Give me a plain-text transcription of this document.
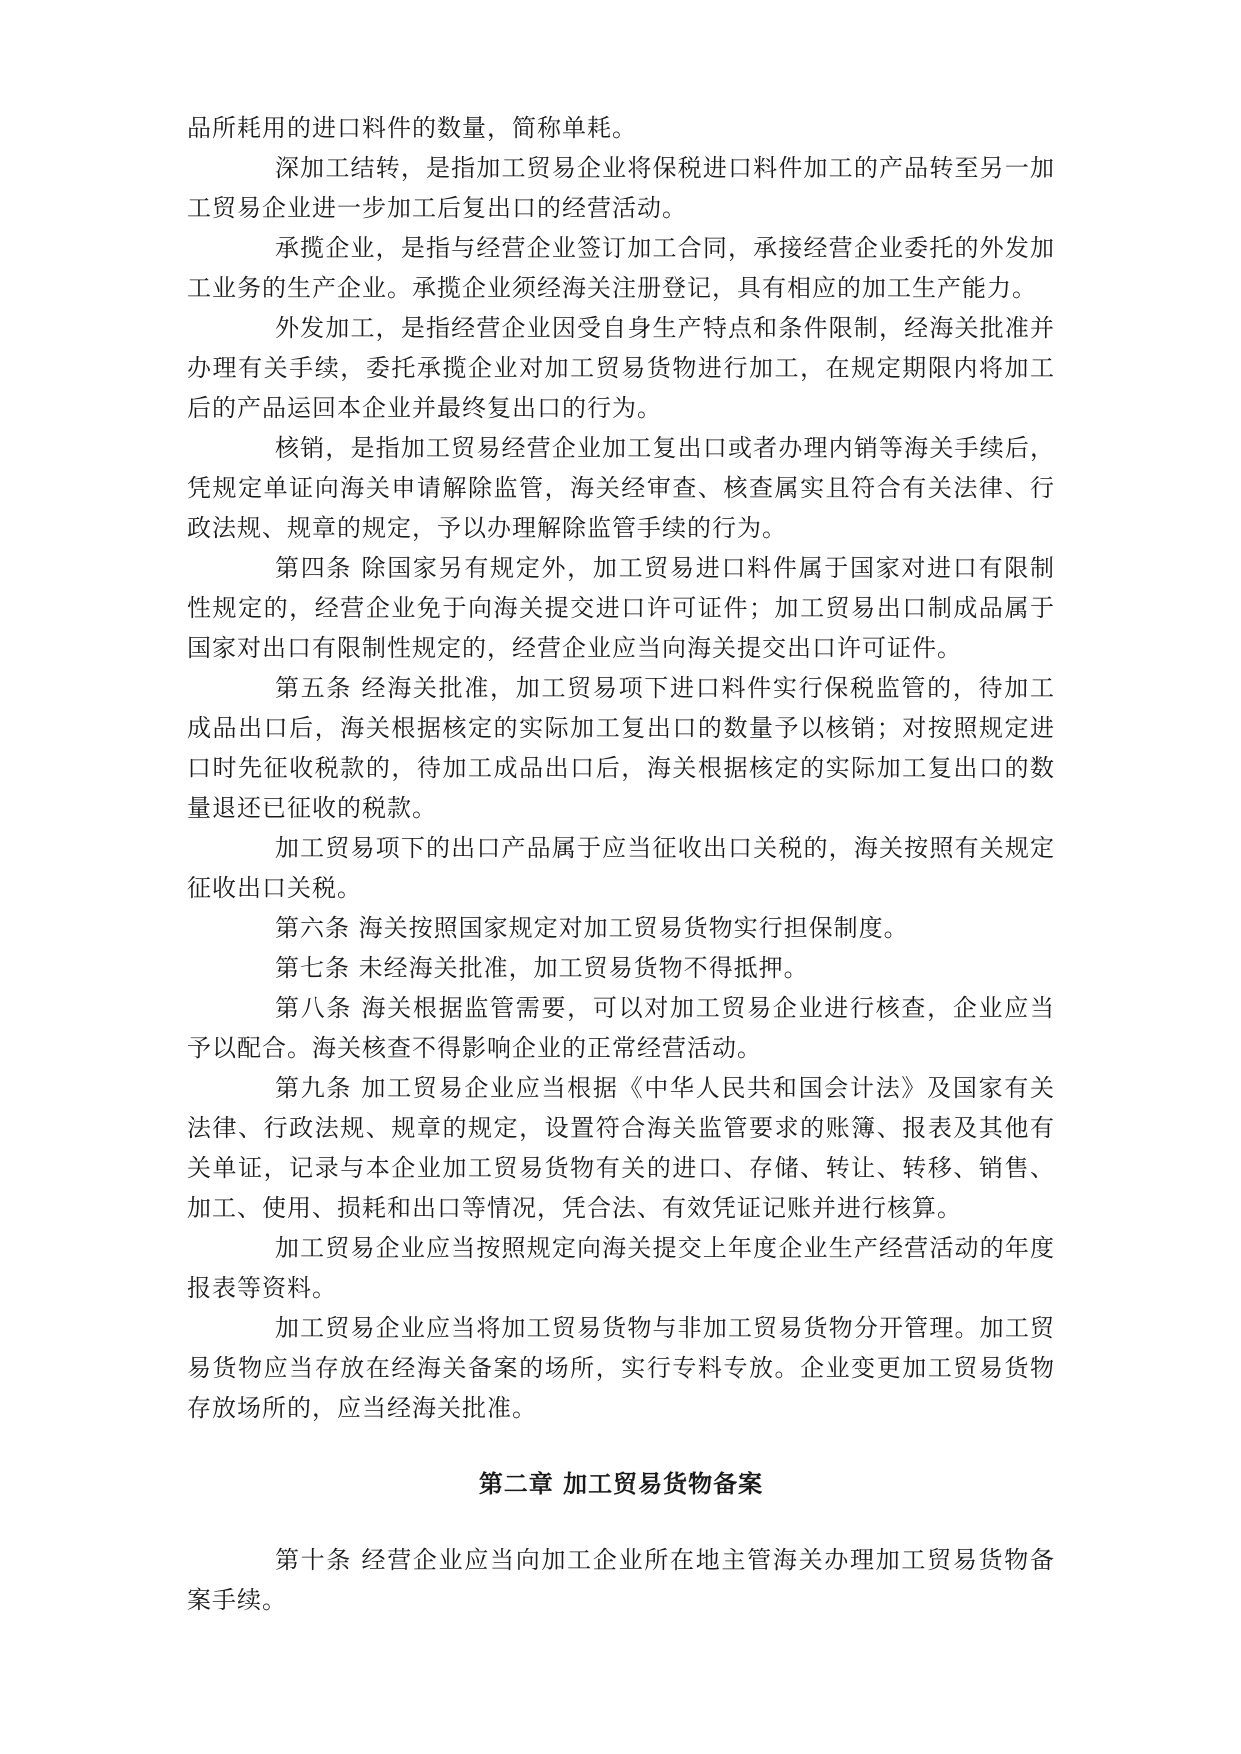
品所耗用的进口料件的数量，简称单耗。

深加工结转，是指加工贸易企业将保税进口料件加工的产品转至另一加工贸易企业进一步加工后复出口的经营活动。

承揽企业，是指与经营企业签订加工合同，承接经营企业委托的外发加工业务的生产企业。承揽企业须经海关注册登记，具有相应的加工生产能力。

外发加工，是指经营企业因受自身生产特点和条件限制，经海关批准并办理有关手续，委托承揽企业对加工贸易货物进行加工，在规定期限内将加工后的产品运回本企业并最终复出口的行为。

核销，是指加工贸易经营企业加工复出口或者办理内销等海关手续后，凭规定单证向海关申请解除监管，海关经审查、核查属实且符合有关法律、行政法规、规章的规定，予以办理解除监管手续的行为。

第四条 除国家另有规定外，加工贸易进口料件属于国家对进口有限制性规定的，经营企业免于向海关提交进口许可证件；加工贸易出口制成品属于国家对出口有限制性规定的，经营企业应当向海关提交出口许可证件。

第五条 经海关批准，加工贸易项下进口料件实行保税监管的，待加工成品出口后，海关根据核定的实际加工复出口的数量予以核销；对按照规定进口时先征收税款的，待加工成品出口后，海关根据核定的实际加工复出口的数量退还已征收的税款。

加工贸易项下的出口产品属于应当征收出口关税的，海关按照有关规定征收出口关税。

第六条 海关按照国家规定对加工贸易货物实行担保制度。

第七条 未经海关批准，加工贸易货物不得抵押。

第八条 海关根据监管需要，可以对加工贸易企业进行核查，企业应当予以配合。海关核查不得影响企业的正常经营活动。

第九条 加工贸易企业应当根据《中华人民共和国会计法》及国家有关法律、行政法规、规章的规定，设置符合海关监管要求的账簿、报表及其他有关单证，记录与本企业加工贸易货物有关的进口、存储、转让、转移、销售、加工、使用、损耗和出口等情况，凭合法、有效凭证记账并进行核算。

加工贸易企业应当按照规定向海关提交上年度企业生产经营活动的年度报表等资料。

加工贸易企业应当将加工贸易货物与非加工贸易货物分开管理。加工贸易货物应当存放在经海关备案的场所，实行专料专放。企业变更加工贸易货物存放场所的，应当经海关批准。

第二章 加工贸易货物备案

第十条 经营企业应当向加工企业所在地主管海关办理加工贸易货物备案手续。
